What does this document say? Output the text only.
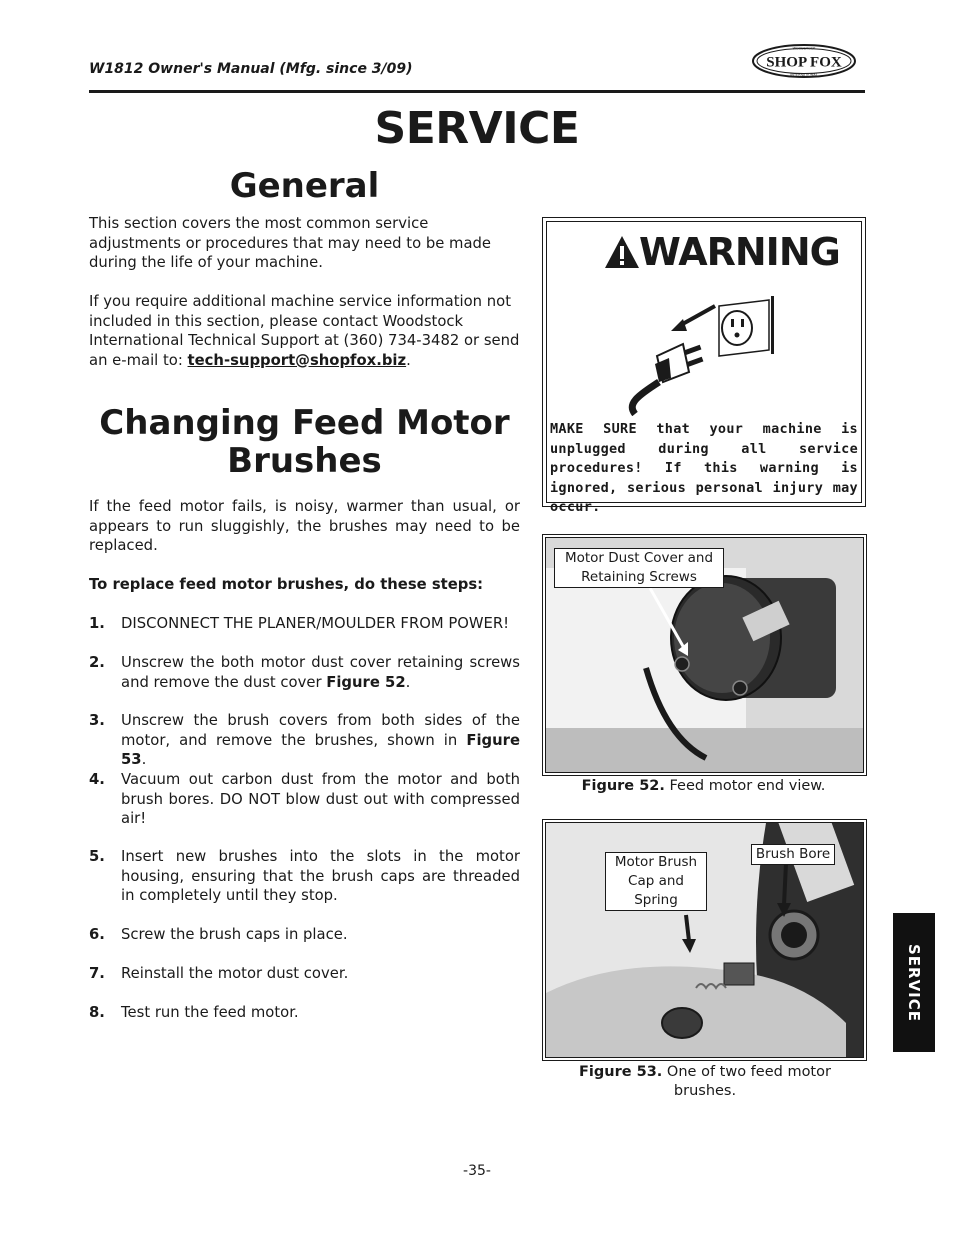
W1812 Owner's Manual (Mfg. since 3/09)	SHOP FOX
WOODSTOCK
INTERNATIONAL
SERVICE
General
This section covers the most common service adjustments or procedures that may need to be made during the life of your machine.
If you require additional machine service information not included in this section, please contact Woodstock International Technical Support at (360) 734-3482 or send an e-mail to: tech-support@shopfox.biz.
Changing Feed Motor Brushes
If the feed motor fails, is noisy, warmer than usual, or appears to run sluggishly, the brushes may need to be replaced.
To replace feed motor brushes, do these steps:
1. DISCONNECT THE PLANER/MOULDER FROM POWER!
2. Unscrew the both motor dust cover retaining screws and remove the dust cover Figure 52.
3. Unscrew the brush covers from both sides of the motor, and remove the brushes, shown in Figure 53.
4. Vacuum out carbon dust from the motor and both brush bores. DO NOT blow dust out with compressed air!
5. Insert new brushes into the slots in the motor housing, ensuring that the brush caps are threaded in completely until they stop.
6. Screw the brush caps in place.
7. Reinstall the motor dust cover.
8. Test run the feed motor.
WARNING
MAKE SURE that your machine is unplugged during all service procedures! If this warning is ignored, serious personal injury may occur.
Motor Dust Cover and Retaining Screws
Figure 52. Feed motor end view.
Motor Brush Cap and Spring
Brush Bore
Figure 53. One of two feed motor brushes.
SERVICE
-35-
